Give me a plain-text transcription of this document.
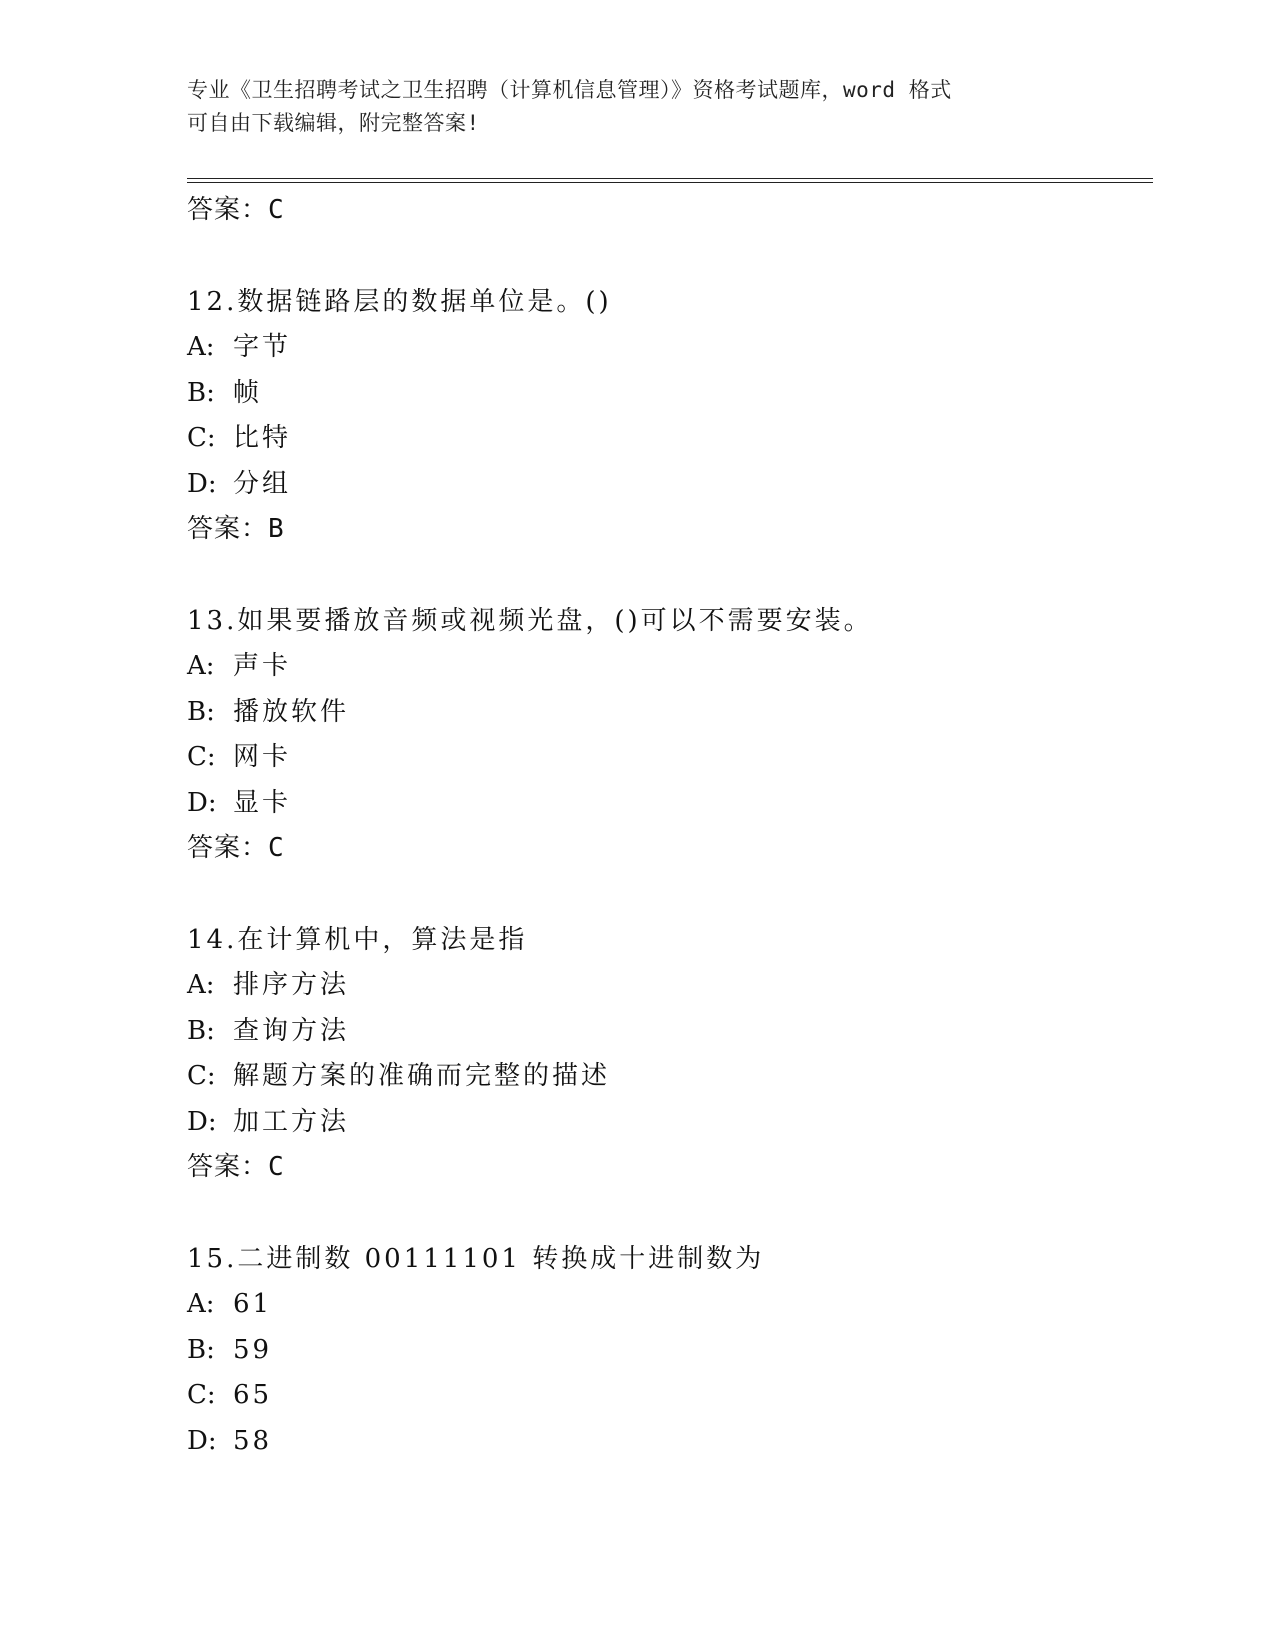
专业《卫生招聘考试之卫生招聘（计算机信息管理）》资格考试题库，word 格式
可自由下载编辑，附完整答案!
答案：C
12.数据链路层的数据单位是。()
A: 字节
B: 帧
C: 比特
D: 分组
答案：B
13.如果要播放音频或视频光盘，()可以不需要安装。
A: 声卡
B: 播放软件
C: 网卡
D: 显卡
答案：C
14.在计算机中，算法是指
A: 排序方法
B: 查询方法
C: 解题方案的准确而完整的描述
D: 加工方法
答案：C
15.二进制数 00111101 转换成十进制数为
A: 61
B: 59
C: 65
D: 58
